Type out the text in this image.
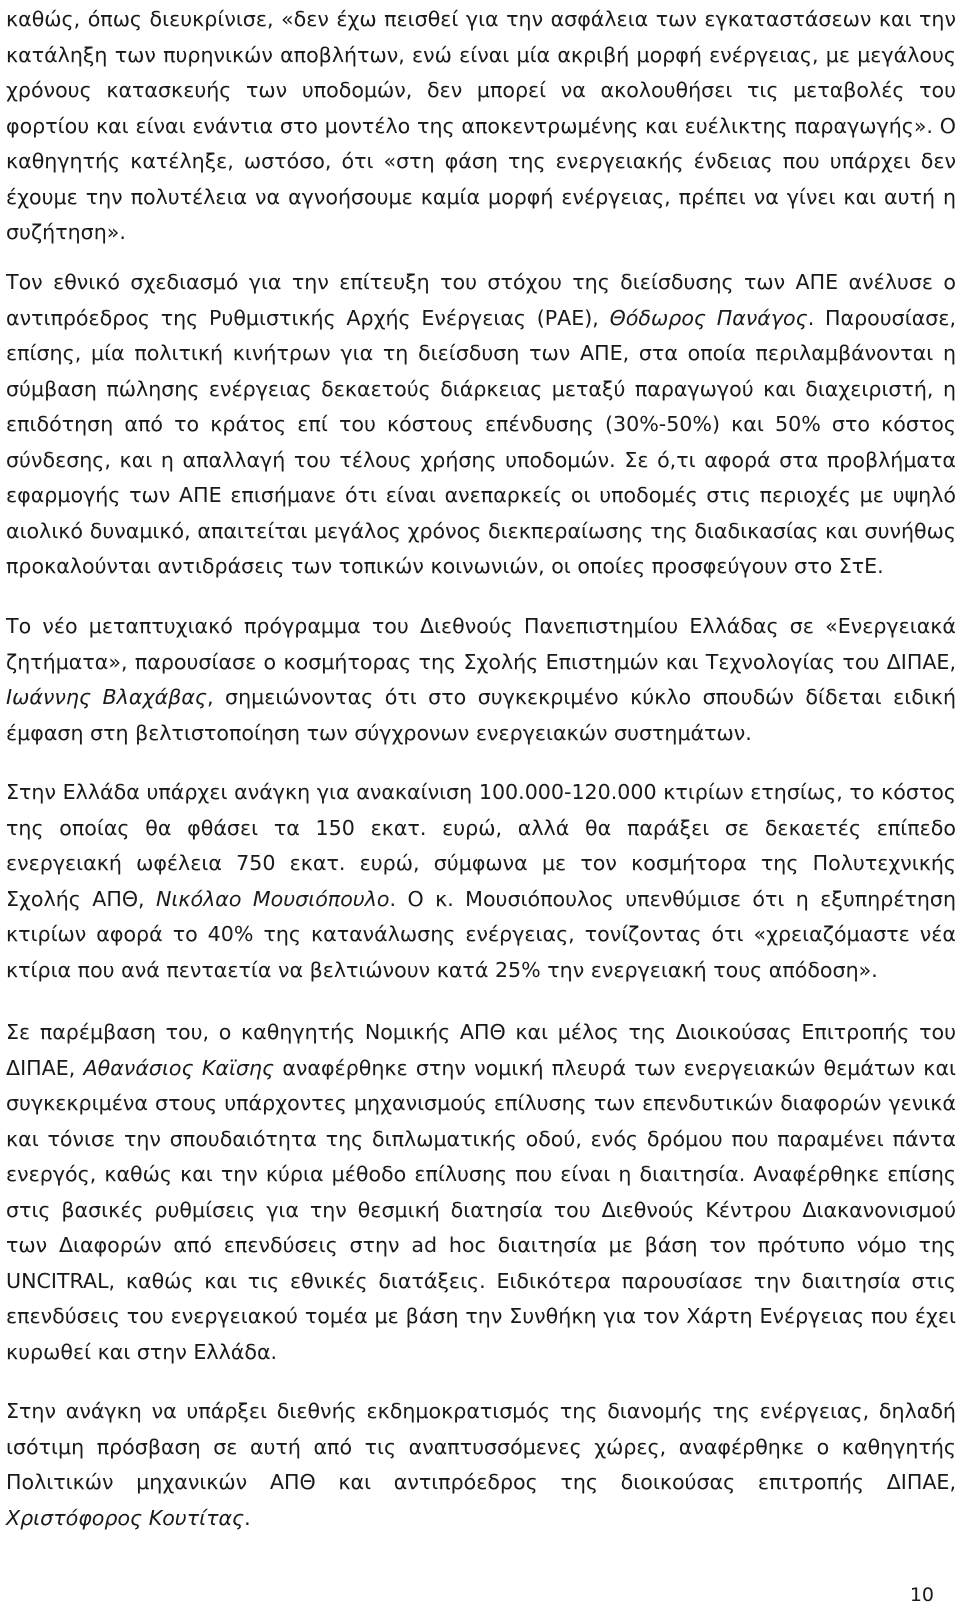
καθώς, όπως διευκρίνισε, «δεν έχω πεισθεί για την ασφάλεια των εγκαταστάσεων και την κατάληξη των πυρηνικών αποβλήτων, ενώ είναι μία ακριβή μορφή ενέργειας, με μεγάλους χρόνους κατασκευής των υποδομών, δεν μπορεί να ακολουθήσει τις μεταβολές του φορτίου και είναι ενάντια στο μοντέλο της αποκεντρωμένης και ευέλικτης παραγωγής». Ο καθηγητής κατέληξε, ωστόσο, ότι «στη φάση της ενεργειακής ένδειας που υπάρχει δεν έχουμε την πολυτέλεια να αγνοήσουμε καμία μορφή ενέργειας, πρέπει να γίνει και αυτή η συζήτηση».

Τον εθνικό σχεδιασμό για την επίτευξη του στόχου της διείσδυσης των ΑΠΕ ανέλυσε ο αντιπρόεδρος της Ρυθμιστικής Αρχής Ενέργειας (ΡΑΕ), Θόδωρος Πανάγος. Παρουσίασε, επίσης, μία πολιτική κινήτρων για τη διείσδυση των ΑΠΕ, στα οποία περιλαμβάνονται η σύμβαση πώλησης ενέργειας δεκαετούς διάρκειας μεταξύ παραγωγού και διαχειριστή, η επιδότηση από το κράτος επί του κόστους επένδυσης (30%-50%) και 50% στο κόστος σύνδεσης, και η απαλλαγή του τέλους χρήσης υποδομών. Σε ό,τι αφορά στα προβλήματα εφαρμογής των ΑΠΕ επισήμανε ότι είναι ανεπαρκείς οι υποδομές στις περιοχές με υψηλό αιολικό δυναμικό, απαιτείται μεγάλος χρόνος διεκπεραίωσης της διαδικασίας και συνήθως προκαλούνται αντιδράσεις των τοπικών κοινωνιών, οι οποίες προσφεύγουν στο ΣτΕ.

Το νέο μεταπτυχιακό πρόγραμμα του Διεθνούς Πανεπιστημίου Ελλάδας σε «Ενεργειακά ζητήματα», παρουσίασε ο κοσμήτορας της Σχολής Επιστημών και Τεχνολογίας του ΔΙΠΑΕ, Ιωάννης Βλαχάβας, σημειώνοντας ότι στο συγκεκριμένο κύκλο σπουδών δίδεται ειδική έμφαση στη βελτιστοποίηση των σύγχρονων ενεργειακών συστημάτων.

Στην Ελλάδα υπάρχει ανάγκη για ανακαίνιση 100.000-120.000 κτιρίων ετησίως, το κόστος της οποίας θα φθάσει τα 150 εκατ. ευρώ, αλλά θα παράξει σε δεκαετές επίπεδο ενεργειακή ωφέλεια 750 εκατ. ευρώ, σύμφωνα με τον κοσμήτορα της Πολυτεχνικής Σχολής ΑΠΘ, Νικόλαο Μουσιόπουλο. Ο κ. Μουσιόπουλος υπενθύμισε ότι η εξυπηρέτηση κτιρίων αφορά το 40% της κατανάλωσης ενέργειας, τονίζοντας ότι «χρειαζόμαστε νέα κτίρια που ανά πενταετία να βελτιώνουν κατά 25% την ενεργειακή τους απόδοση».

Σε παρέμβαση του, ο καθηγητής Νομικής ΑΠΘ και μέλος της Διοικούσας Επιτροπής του ΔΙΠΑΕ, Αθανάσιος Καϊσης αναφέρθηκε στην νομική πλευρά των ενεργειακών θεμάτων και συγκεκριμένα στους υπάρχοντες μηχανισμούς επίλυσης των επενδυτικών διαφορών γενικά και τόνισε την σπουδαιότητα της διπλωματικής οδού, ενός δρόμου που παραμένει πάντα ενεργός, καθώς και την κύρια μέθοδο επίλυσης που είναι η διαιτησία. Αναφέρθηκε επίσης στις βασικές ρυθμίσεις για την θεσμική διατησία του Διεθνούς Κέντρου Διακανονισμού των Διαφορών από επενδύσεις στην ad hoc διαιτησία με βάση τον πρότυπο νόμο της UNCITRAL, καθώς και τις εθνικές διατάξεις. Ειδικότερα παρουσίασε την διαιτησία στις επενδύσεις του ενεργειακού τομέα με βάση την Συνθήκη για τον Χάρτη Ενέργειας που έχει κυρωθεί και στην Ελλάδα.

Στην ανάγκη να υπάρξει διεθνής εκδημοκρατισμός της διανομής της ενέργειας, δηλαδή ισότιμη πρόσβαση σε αυτή από τις αναπτυσσόμενες χώρες, αναφέρθηκε ο καθηγητής Πολιτικών μηχανικών ΑΠΘ και αντιπρόεδρος της διοικούσας επιτροπής ΔΙΠΑΕ, Χριστόφορος Κουτίτας.

10
